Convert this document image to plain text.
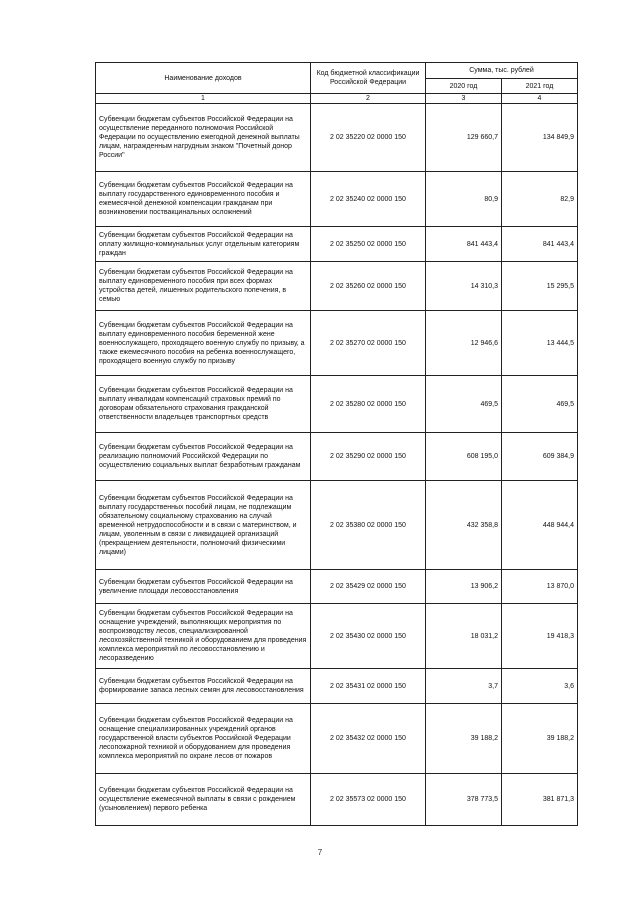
Наименование доходов	Код бюджетной классификации Российской Федерации	Сумма, тыс. рублей	
		2020 год	2021 год
1	2	3	4
Субвенции бюджетам субъектов Российской Федерации на осуществление переданного полномочия Российской Федерации по осуществлению ежегодной денежной выплаты лицам, награжденным нагрудным знаком "Почетный донор России"	2 02 35220 02 0000 150	129 660,7	134 849,9
Субвенции бюджетам субъектов Российской Федерации на выплату государственного единовременного пособия и ежемесячной денежной компенсации гражданам при возникновении поствакцинальных осложнений	2 02 35240 02 0000 150	80,9	82,9
Субвенции бюджетам субъектов Российской Федерации на оплату жилищно-коммунальных услуг отдельным категориям граждан	2 02 35250 02 0000 150	841 443,4	841 443,4
Субвенции бюджетам субъектов Российской Федерации на выплату единовременного пособия при всех формах устройства детей, лишенных родительского попечения, в семью	2 02 35260 02 0000 150	14 310,3	15 295,5
Субвенции бюджетам субъектов Российской Федерации на выплату единовременного пособия беременной жене военнослужащего, проходящего военную службу по призыву, а также ежемесячного пособия на ребенка военнослужащего, проходящего военную службу по призыву	2 02 35270 02 0000 150	12 946,6	13 444,5
Субвенции бюджетам субъектов Российской Федерации на выплату инвалидам компенсаций страховых премий по договорам обязательного страхования гражданской ответственности владельцев транспортных средств	2 02 35280 02 0000 150	469,5	469,5
Субвенции бюджетам субъектов Российской Федерации на реализацию полномочий Российской Федерации по осуществлению социальных выплат безработным гражданам	2 02 35290 02 0000 150	608 195,0	609 384,9
Субвенции бюджетам субъектов Российской Федерации на выплату государственных пособий лицам, не подлежащим обязательному социальному страхованию на случай временной нетрудоспособности и в связи с материнством, и лицам, уволенным в связи с ликвидацией организаций (прекращением деятельности, полномочий физическими лицами)	2 02 35380 02 0000 150	432 358,8	448 944,4
Субвенции бюджетам субъектов Российской Федерации на увеличение площади лесовосстановления	2 02 35429 02 0000 150	13 906,2	13 870,0
Субвенции бюджетам субъектов Российской Федерации на оснащение учреждений, выполняющих мероприятия по воспроизводству лесов, специализированной лесохозяйственной техникой и оборудованием для проведения комплекса мероприятий по лесовосстановлению и лесоразведению	2 02 35430 02 0000 150	18 031,2	19 418,3
Субвенции бюджетам субъектов Российской Федерации на формирование запаса лесных семян для лесовосстановления	2 02 35431 02 0000 150	3,7	3,6
Субвенции бюджетам субъектов Российской Федерации на оснащение специализированных учреждений органов государственной власти субъектов Российской Федерации лесопожарной техникой и оборудованием для проведения комплекса мероприятий по охране лесов от пожаров	2 02 35432 02 0000 150	39 188,2	39 188,2
Субвенции бюджетам субъектов Российской Федерации на осуществление ежемесячной выплаты в связи с рождением (усыновлением) первого ребенка	2 02 35573 02 0000 150	378 773,5	381 871,3
7
